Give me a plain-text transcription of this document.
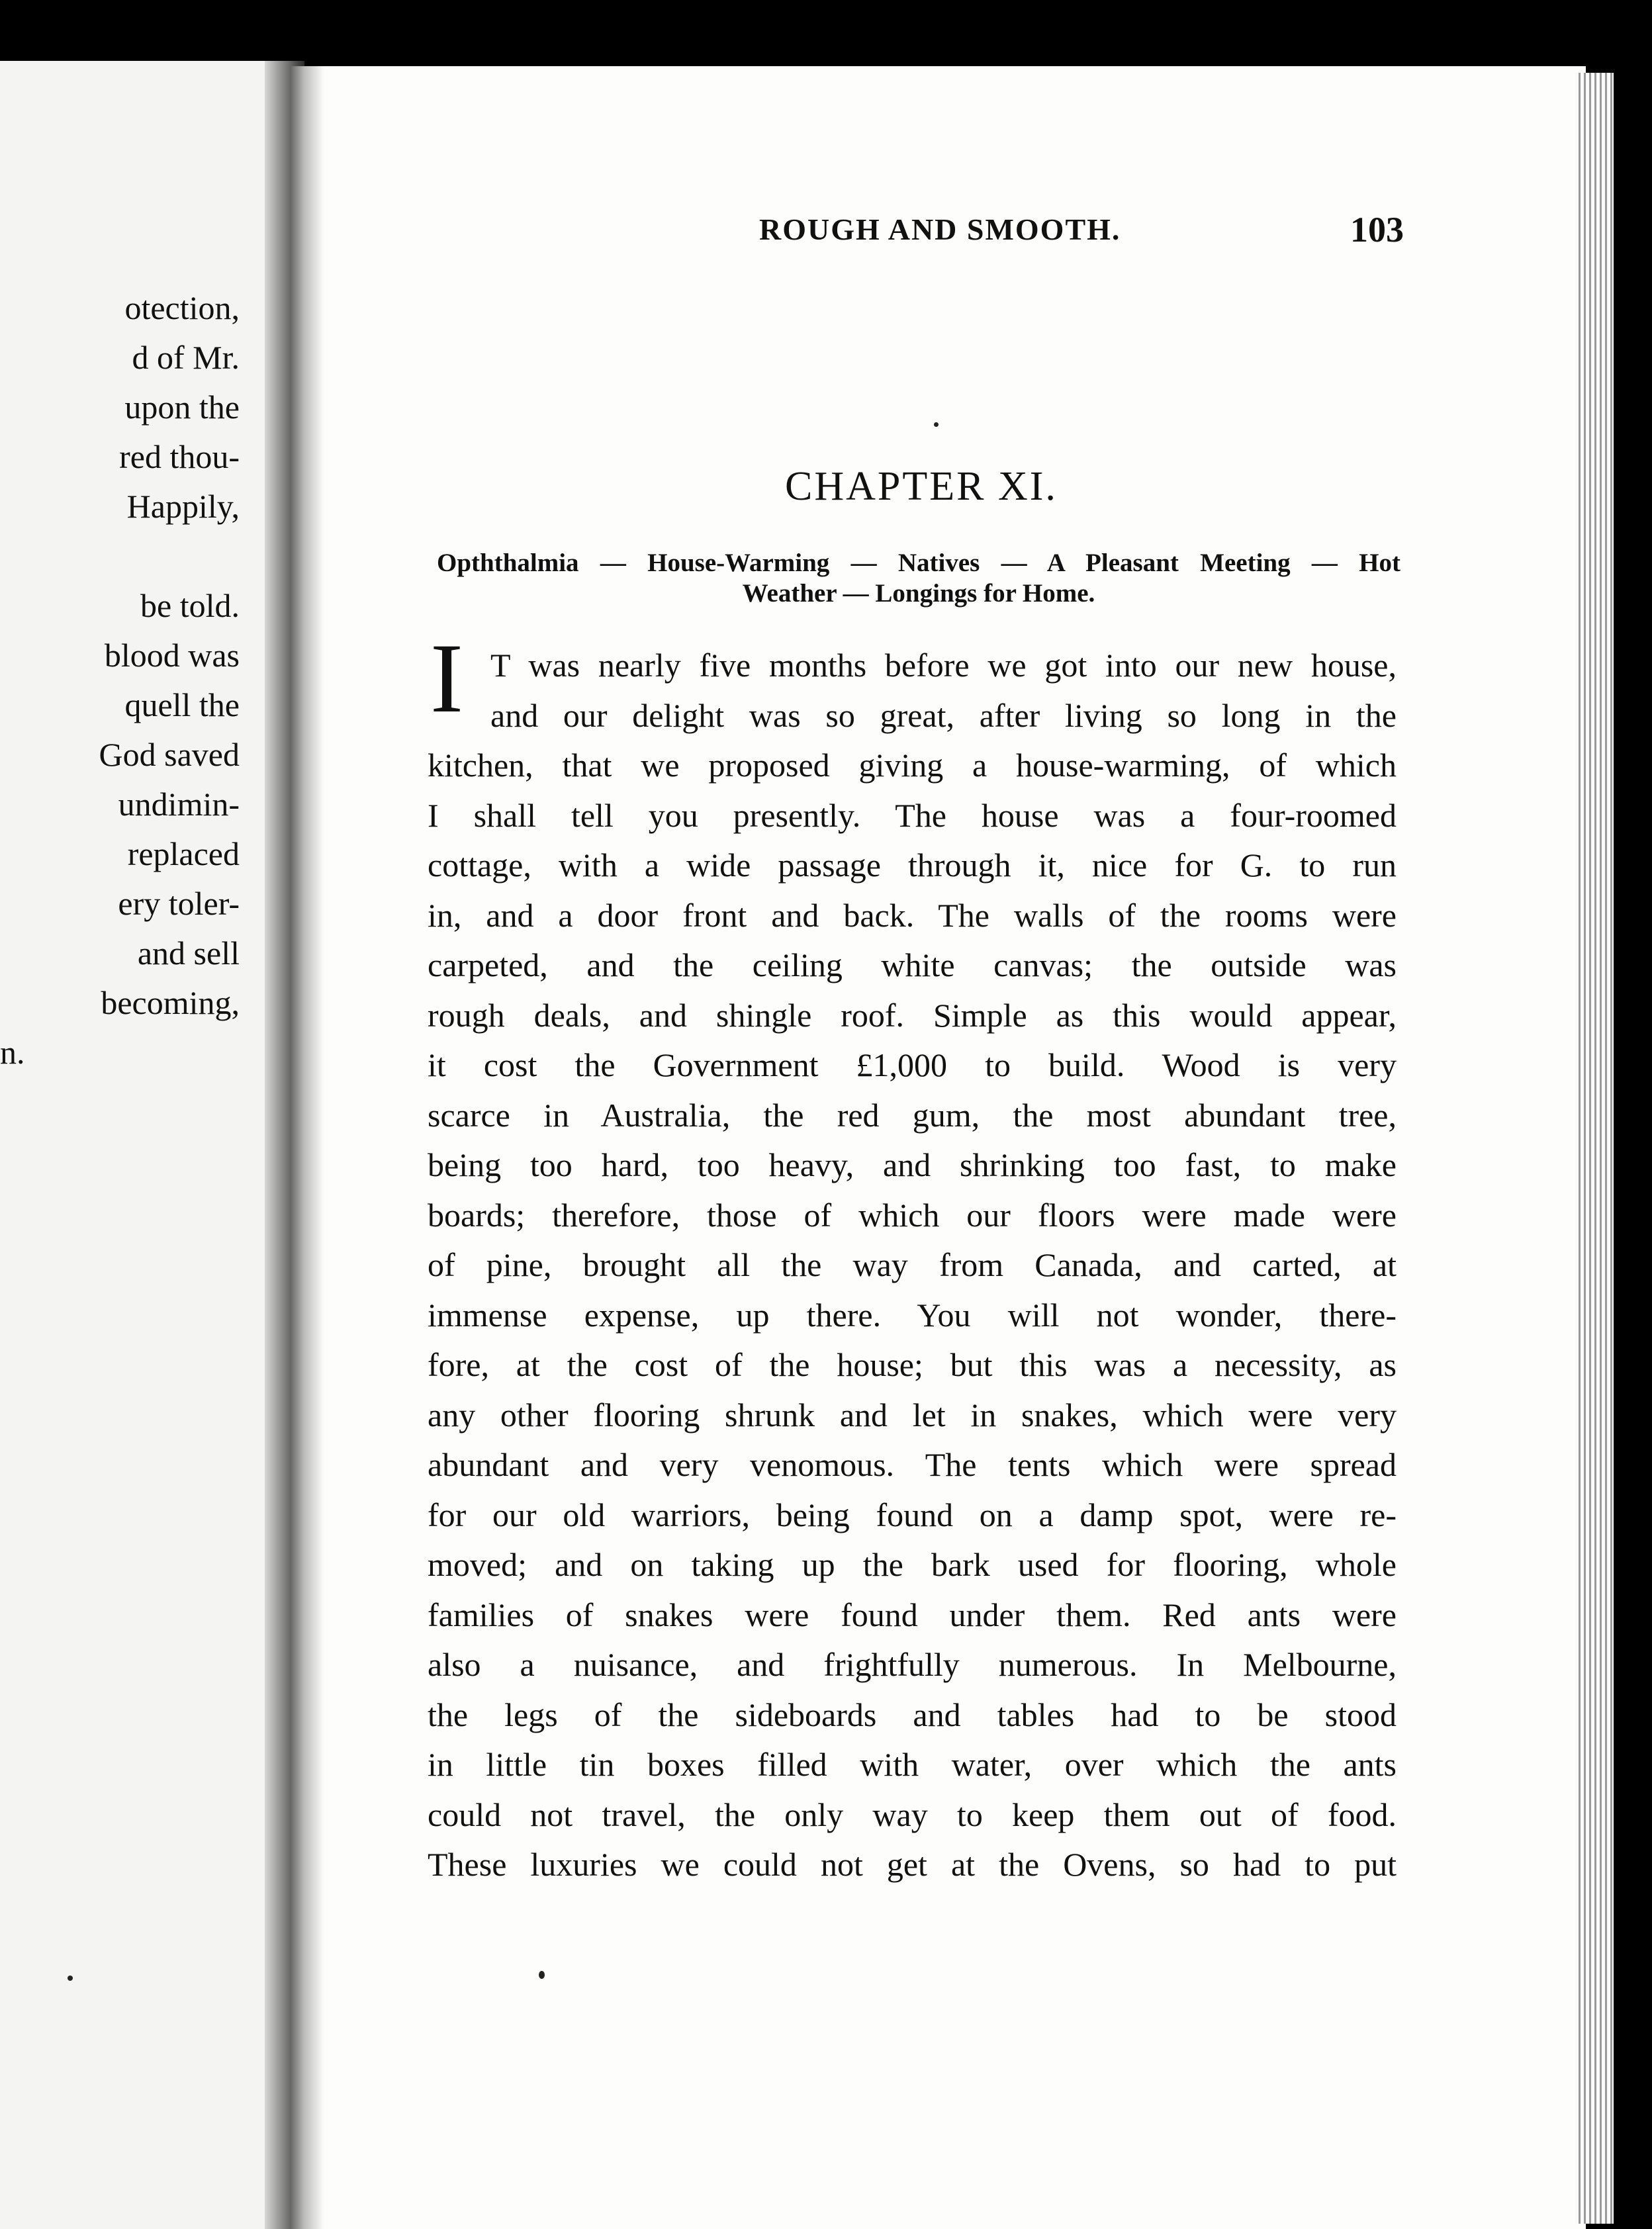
otection,
d of Mr.
upon the
red thou-
Happily,
be told.
blood was
quell the
God saved
undimin-
replaced
ery toler-
and sell
becoming,
n.
ROUGH AND SMOOTH.	103
CHAPTER XI.
Opththalmia — House-Warming — Natives — A Pleasant Meeting — Hot
Weather — Longings for Home.
I T was nearly five months before we got into our new house,
and our delight was so great, after living so long in the
kitchen, that we proposed giving a house-warming, of which
I shall tell you presently. The house was a four-roomed
cottage, with a wide passage through it, nice for G. to run
in, and a door front and back. The walls of the rooms were
carpeted, and the ceiling white canvas; the outside was
rough deals, and shingle roof. Simple as this would appear,
it cost the Government £1,000 to build. Wood is very
scarce in Australia, the red gum, the most abundant tree,
being too hard, too heavy, and shrinking too fast, to make
boards; therefore, those of which our floors were made were
of pine, brought all the way from Canada, and carted, at
immense expense, up there. You will not wonder, there-
fore, at the cost of the house; but this was a necessity, as
any other flooring shrunk and let in snakes, which were very
abundant and very venomous. The tents which were spread
for our old warriors, being found on a damp spot, were re-
moved; and on taking up the bark used for flooring, whole
families of snakes were found under them. Red ants were
also a nuisance, and frightfully numerous. In Melbourne,
the legs of the sideboards and tables had to be stood
in little tin boxes filled with water, over which the ants
could not travel, the only way to keep them out of food.
These luxuries we could not get at the Ovens, so had to put
